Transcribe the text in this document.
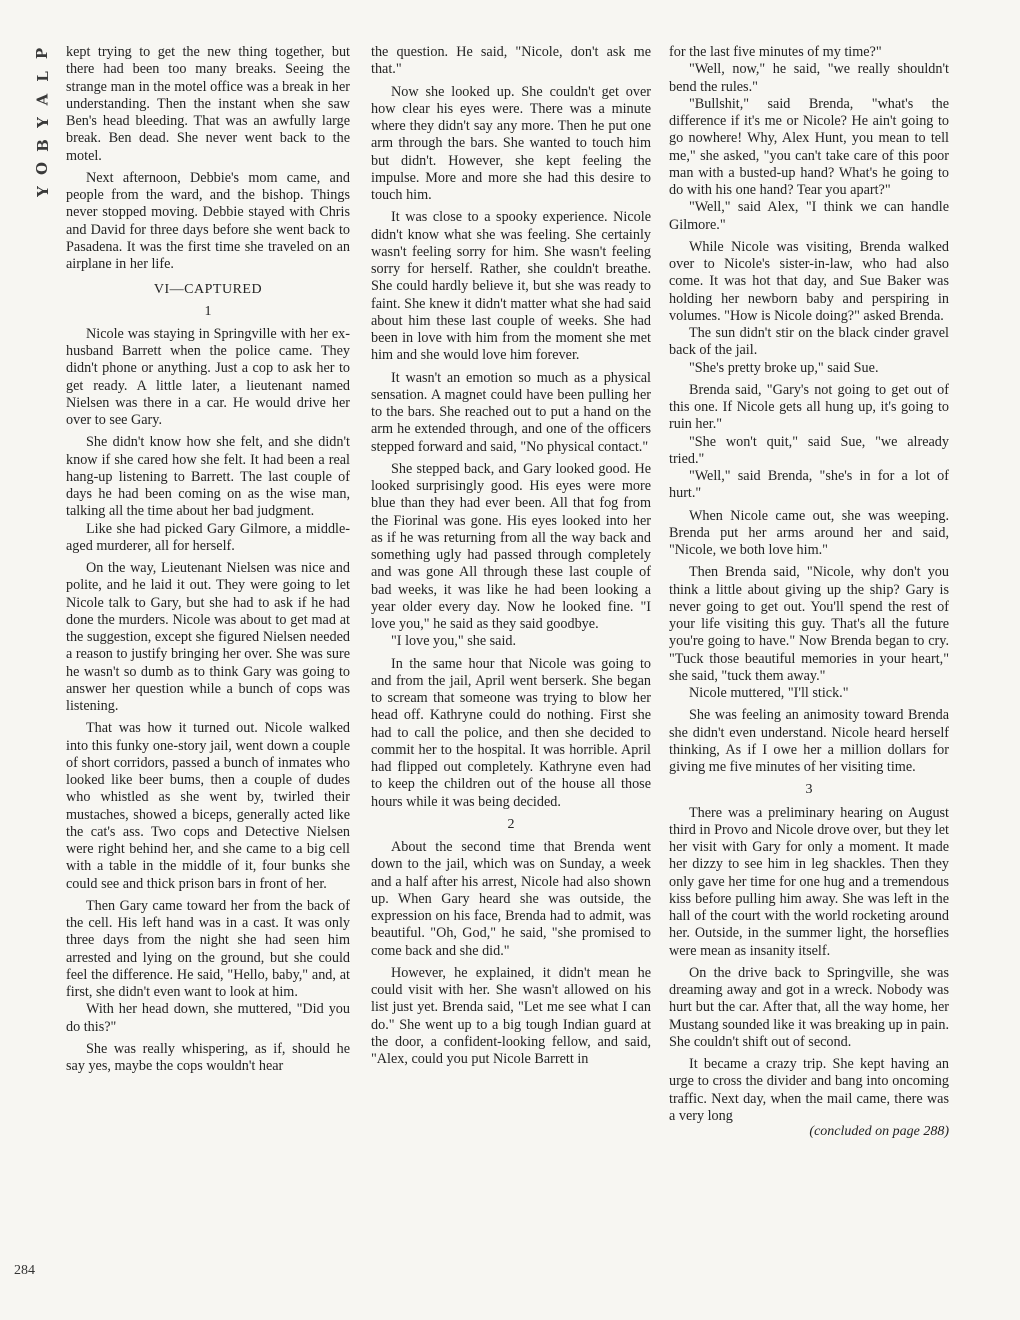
P
L
A
Y
B
O
Y
284

kept trying to get the new thing together, but there had been too many breaks. Seeing the strange man in the motel office was a break in her understanding. Then the instant when she saw Ben's head bleeding. That was an awfully large break. Ben dead. She never went back to the motel.

Next afternoon, Debbie's mom came, and people from the ward, and the bishop. Things never stopped moving. Debbie stayed with Chris and David for three days before she went back to Pasadena. It was the first time she traveled on an airplane in her life.

VI—CAPTURED
1

Nicole was staying in Springville with her ex-husband Barrett when the police came. They didn't phone or anything. Just a cop to ask her to get ready. A little later, a lieutenant named Nielsen was there in a car. He would drive her over to see Gary.

She didn't know how she felt, and she didn't know if she cared how she felt. It had been a real hang-up listening to Barrett. The last couple of days he had been coming on as the wise man, talking all the time about her bad judgment.

Like she had picked Gary Gilmore, a middle-aged murderer, all for herself.

On the way, Lieutenant Nielsen was nice and polite, and he laid it out. They were going to let Nicole talk to Gary, but she had to ask if he had done the murders. Nicole was about to get mad at the suggestion, except she figured Nielsen needed a reason to justify bringing her over. She was sure he wasn't so dumb as to think Gary was going to answer her question while a bunch of cops was listening.

That was how it turned out. Nicole walked into this funky one-story jail, went down a couple of short corridors, passed a bunch of inmates who looked like beer bums, then a couple of dudes who whistled as she went by, twirled their mustaches, showed a biceps, generally acted like the cat's ass. Two cops and Detective Nielsen were right behind her, and she came to a big cell with a table in the middle of it, four bunks she could see and thick prison bars in front of her.

Then Gary came toward her from the back of the cell. His left hand was in a cast. It was only three days from the night she had seen him arrested and lying on the ground, but she could feel the difference. He said, "Hello, baby," and, at first, she didn't even want to look at him.

With her head down, she muttered, "Did you do this?"

She was really whispering, as if, should he say yes, maybe the cops wouldn't hear

the question. He said, "Nicole, don't ask me that."

Now she looked up. She couldn't get over how clear his eyes were. There was a minute where they didn't say any more. Then he put one arm through the bars. She wanted to touch him but didn't. However, she kept feeling the impulse. More and more she had this desire to touch him.

It was close to a spooky experience. Nicole didn't know what she was feeling. She certainly wasn't feeling sorry for him. She wasn't feeling sorry for herself. Rather, she couldn't breathe. She could hardly believe it, but she was ready to faint. She knew it didn't matter what she had said about him these last couple of weeks. She had been in love with him from the moment she met him and she would love him forever.

It wasn't an emotion so much as a physical sensation. A magnet could have been pulling her to the bars. She reached out to put a hand on the arm he extended through, and one of the officers stepped forward and said, "No physical contact."

She stepped back, and Gary looked good. He looked surprisingly good. His eyes were more blue than they had ever been. All that fog from the Fiorinal was gone. His eyes looked into her as if he was returning from all the way back and something ugly had passed through completely and was gone All through these last couple of bad weeks, it was like he had been looking a year older every day. Now he looked fine. "I love you," he said as they said goodbye.

"I love you," she said.

In the same hour that Nicole was going to and from the jail, April went berserk. She began to scream that someone was trying to blow her head off. Kathryne could do nothing. First she had to call the police, and then she decided to commit her to the hospital. It was horrible. April had flipped out completely. Kathryne even had to keep the children out of the house all those hours while it was being decided.

2

About the second time that Brenda went down to the jail, which was on Sunday, a week and a half after his arrest, Nicole had also shown up. When Gary heard she was outside, the expression on his face, Brenda had to admit, was beautiful. "Oh, God," he said, "she promised to come back and she did."

However, he explained, it didn't mean he could visit with her. She wasn't allowed on his list just yet. Brenda said, "Let me see what I can do." She went up to a big tough Indian guard at the door, a confident-looking fellow, and said, "Alex, could you put Nicole Barrett in

for the last five minutes of my time?"

"Well, now," he said, "we really shouldn't bend the rules."

"Bullshit," said Brenda, "what's the difference if it's me or Nicole? He ain't going to go nowhere! Why, Alex Hunt, you mean to tell me," she asked, "you can't take care of this poor man with a busted-up hand? What's he going to do with his one hand? Tear you apart?"

"Well," said Alex, "I think we can handle Gilmore."

While Nicole was visiting, Brenda walked over to Nicole's sister-in-law, who had also come. It was hot that day, and Sue Baker was holding her newborn baby and perspiring in volumes. "How is Nicole doing?" asked Brenda.

The sun didn't stir on the black cinder gravel back of the jail.

"She's pretty broke up," said Sue.

Brenda said, "Gary's not going to get out of this one. If Nicole gets all hung up, it's going to ruin her."

"She won't quit," said Sue, "we already tried."

"Well," said Brenda, "she's in for a lot of hurt."

When Nicole came out, she was weeping. Brenda put her arms around her and said, "Nicole, we both love him."

Then Brenda said, "Nicole, why don't you think a little about giving up the ship? Gary is never going to get out. You'll spend the rest of your life visiting this guy. That's all the future you're going to have." Now Brenda began to cry. "Tuck those beautiful memories in your heart," she said, "tuck them away."

Nicole muttered, "I'll stick."

She was feeling an animosity toward Brenda she didn't even understand. Nicole heard herself thinking, As if I owe her a million dollars for giving me five minutes of her visiting time.

3

There was a preliminary hearing on August third in Provo and Nicole drove over, but they let her visit with Gary for only a moment. It made her dizzy to see him in leg shackles. Then they only gave her time for one hug and a tremendous kiss before pulling him away. She was left in the hall of the court with the world rocketing around her. Outside, in the summer light, the horseflies were mean as insanity itself.

On the drive back to Springville, she was dreaming away and got in a wreck. Nobody was hurt but the car. After that, all the way home, her Mustang sounded like it was breaking up in pain. She couldn't shift out of second.

It became a crazy trip. She kept having an urge to cross the divider and bang into oncoming traffic. Next day, when the mail came, there was a very long

(concluded on page 288)
